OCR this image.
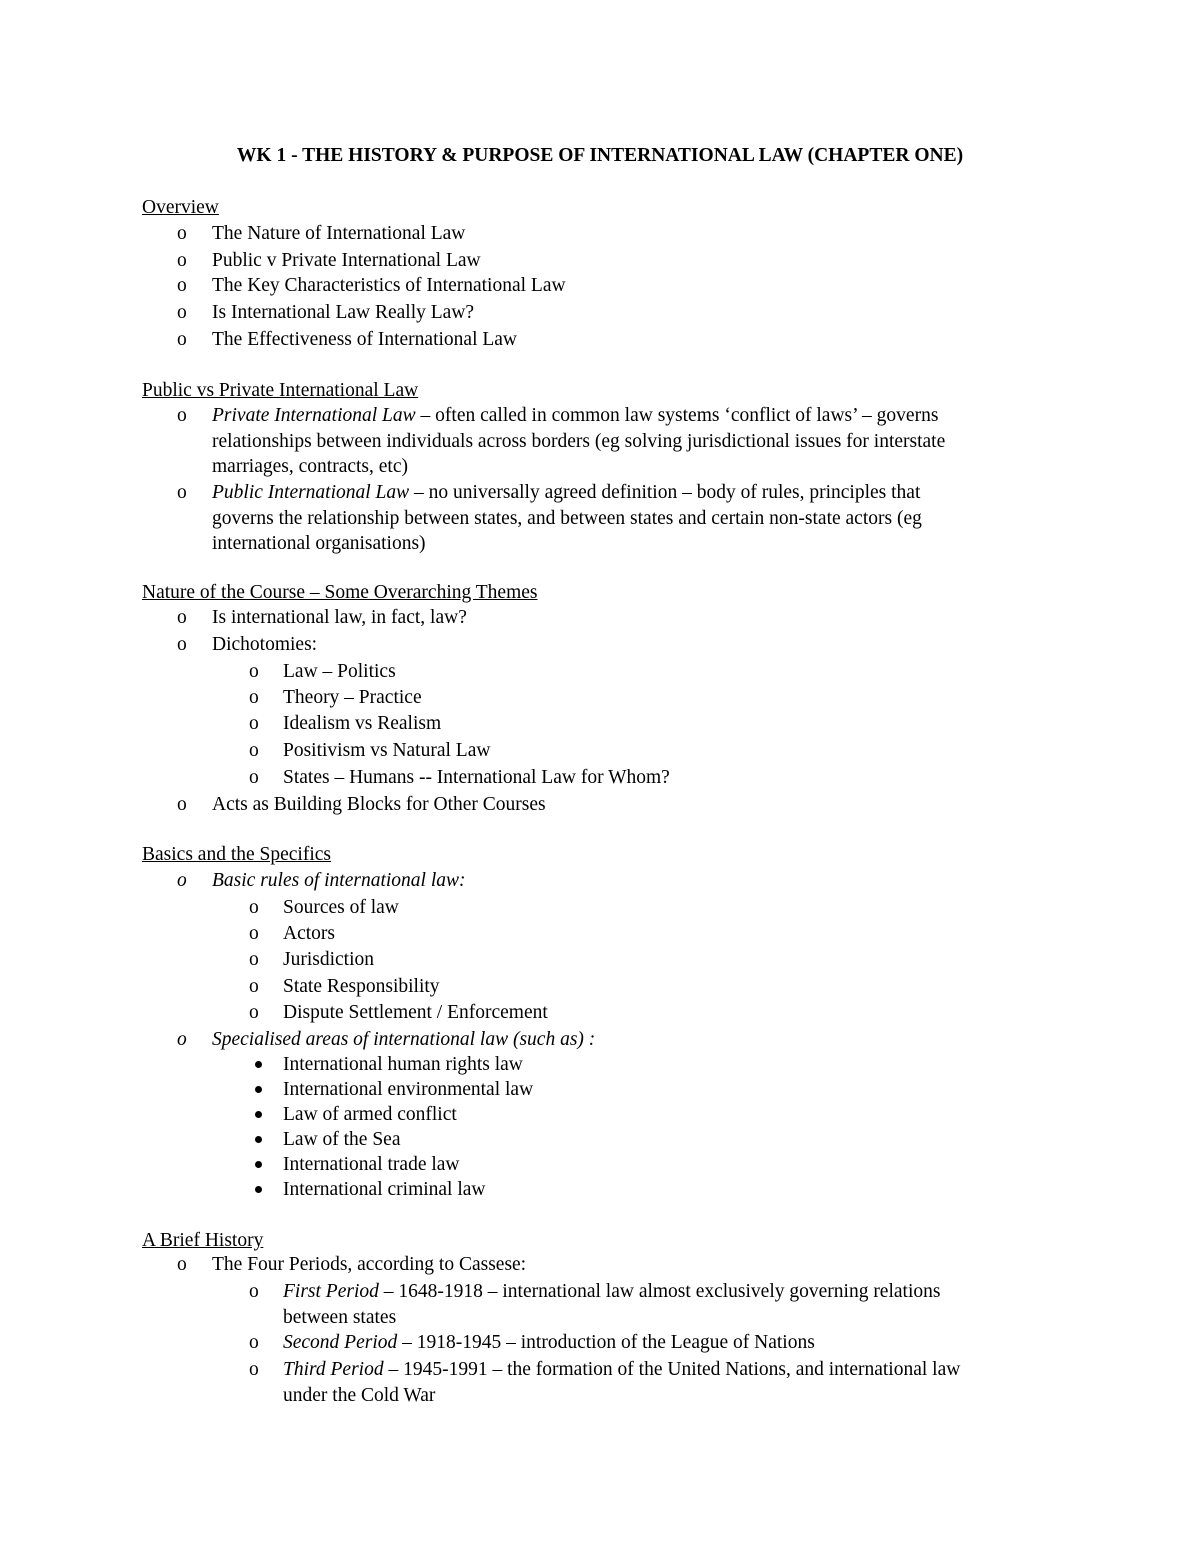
WK 1 - THE HISTORY & PURPOSE OF INTERNATIONAL LAW (CHAPTER ONE)
Overview
o The Nature of International Law
o Public v Private International Law
o The Key Characteristics of International Law
o Is International Law Really Law?
o The Effectiveness of International Law
Public vs Private International Law
o Private International Law – often called in common law systems ‘conflict of laws’ – governs
relationships between individuals across borders (eg solving jurisdictional issues for interstate
marriages, contracts, etc)
o Public International Law – no universally agreed definition – body of rules, principles that
governs the relationship between states, and between states and certain non-state actors (eg
international organisations)
Nature of the Course – Some Overarching Themes
o Is international law, in fact, law?
o Dichotomies:
o Law – Politics
o Theory – Practice
o Idealism vs Realism
o Positivism vs Natural Law
o States – Humans -- International Law for Whom?
o Acts as Building Blocks for Other Courses
Basics and the Specifics
o Basic rules of international law:
o Sources of law
o Actors
o Jurisdiction
o State Responsibility
o Dispute Settlement / Enforcement
o Specialised areas of international law (such as) :
International human rights law
International environmental law
Law of armed conflict
Law of the Sea
International trade law
International criminal law
A Brief History
o The Four Periods, according to Cassese:
o First Period – 1648-1918 – international law almost exclusively governing relations
between states
o Second Period – 1918-1945 – introduction of the League of Nations
o Third Period – 1945-1991 – the formation of the United Nations, and international law
under the Cold War
